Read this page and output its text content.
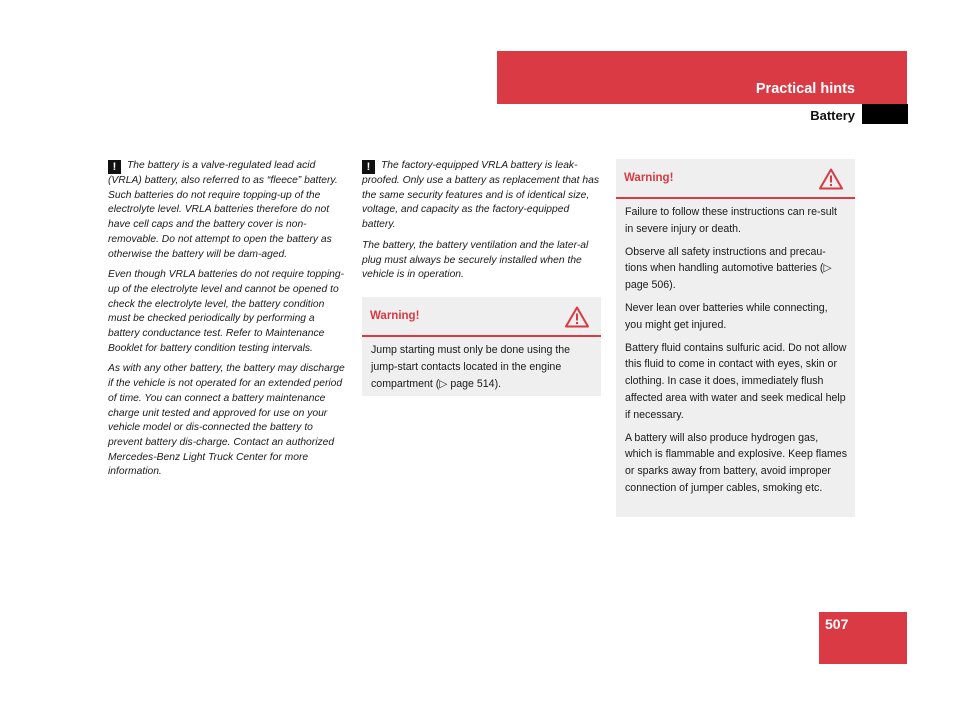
Practical hints
Battery

! The battery is a valve-regulated lead acid (VRLA) battery, also referred to as “fleece” battery. Such batteries do not require topping-up of the electrolyte level. VRLA batteries therefore do not have cell caps and the battery cover is non-removable. Do not attempt to open the battery as otherwise the battery will be dam-aged.

Even though VRLA batteries do not require topping-up of the electrolyte level and cannot be opened to check the electrolyte level, the battery condition must be checked periodically by performing a battery conductance test. Refer to Maintenance Booklet for battery condition testing intervals.

As with any other battery, the battery may discharge if the vehicle is not operated for an extended period of time. You can connect a battery maintenance charge unit tested and approved for use on your vehicle model or dis-connected the battery to prevent battery dis-charge. Contact an authorized Mercedes-Benz Light Truck Center for more information.

! The factory-equipped VRLA battery is leak-proofed. Only use a battery as replacement that has the same security features and is of identical size, voltage, and capacity as the factory-equipped battery.

The battery, the battery ventilation and the later-al plug must always be securely installed when the vehicle is in operation.

Warning!

Jump starting must only be done using the jump-start contacts located in the engine compartment (▷ page 514).

Warning!

Failure to follow these instructions can re-sult in severe injury or death.

Observe all safety instructions and precau-tions when handling automotive batteries (▷ page 506).

Never lean over batteries while connecting, you might get injured.

Battery fluid contains sulfuric acid. Do not allow this fluid to come in contact with eyes, skin or clothing. In case it does, immediately flush affected area with water and seek medical help if necessary.

A battery will also produce hydrogen gas, which is flammable and explosive. Keep flames or sparks away from battery, avoid improper connection of jumper cables, smoking etc.

507
